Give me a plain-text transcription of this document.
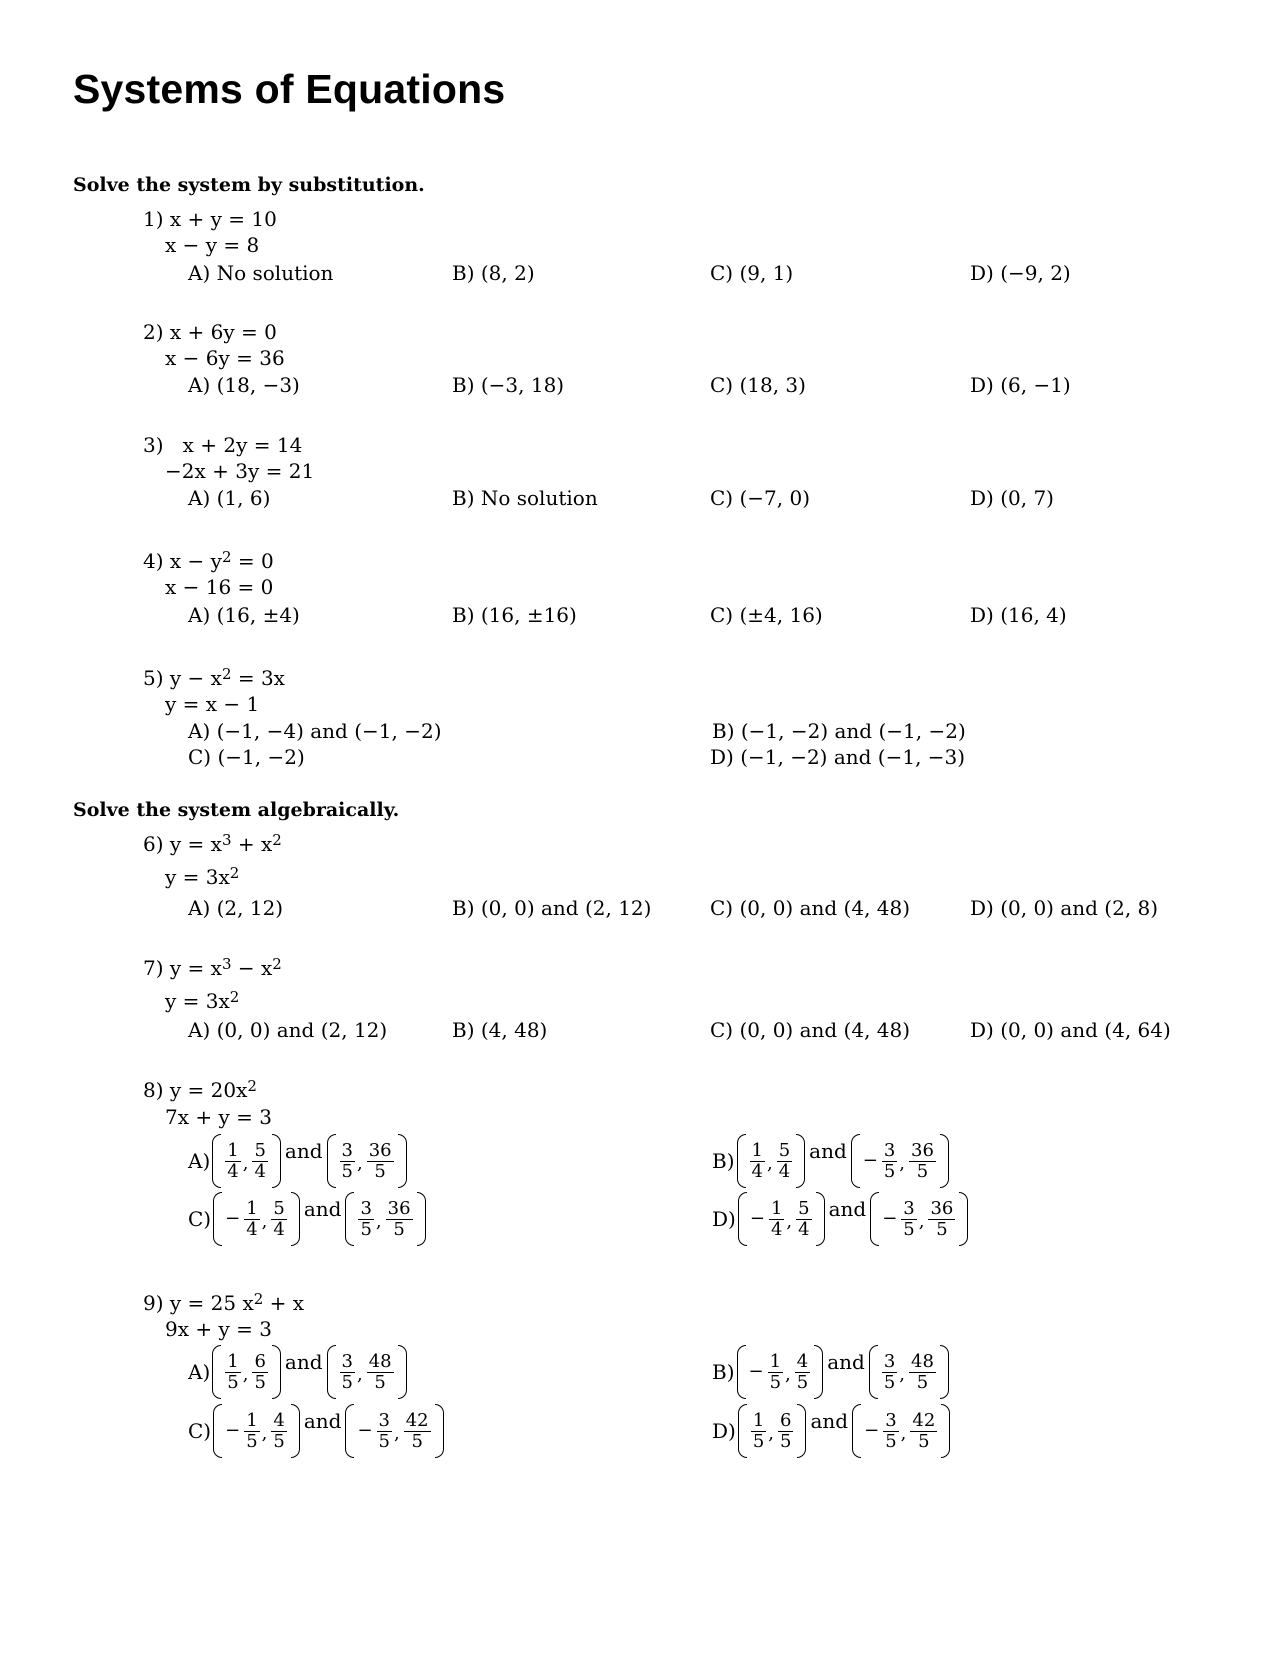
Systems of Equations
Solve the system by substitution.
1) x + y = 10
x − y = 8
A) No solution	B) (8, 2)	C) (9, 1)	D) (−9, 2)
2) x + 6y = 0
x − 6y = 36
A) (18, −3)	B) (−3, 18)	C) (18, 3)	D) (6, −1)
3)   x + 2y = 14
−2x + 3y = 21
A) (1, 6)	B) No solution	C) (−7, 0)	D) (0, 7)
4) $x - y^2 = 0$
x − 16 = 0
A) (16, ±4)	B) (16, ±16)	C) (±4, 16)	D) (16, 4)
5) $y - x^2 = 3x$
y = x − 1
A) (−1, −4) and (−1, −2)	B) (−1, −2) and (−1, −2)
C) (−1, −2)	D) (−1, −2) and (−1, −3)
Solve the system algebraically.
6) $y = x^3 + x^2$
$y = 3x^2$
A) (2, 12)	B) (0, 0) and (2, 12)	C) (0, 0) and (4, 48)	D) (0, 0) and (2, 8)
7) $y = x^3 - x^2$
$y = 3x^2$
A) (0, 0) and (2, 12)	B) (4, 48)	C) (0, 0) and (4, 48)	D) (0, 0) and (4, 64)
8) $y = 20x^2$
7x + y = 3
$A) \frac{1}{4}$ , $\frac{5}{4}$ and $\frac{3}{5}$ , $\frac{36}{5}$	$B) \frac{1}{4}$ , $\frac{5}{4}$ and − $\frac{3}{5}$ , $\frac{36}{5}$
$C) - \frac{1}{4}$ , $\frac{5}{4}$ and $\frac{3}{5}$ , $\frac{36}{5}$	$D) - \frac{1}{4}$ , $\frac{5}{4}$ and − $\frac{3}{5}$ , $\frac{36}{5}$
9) y = 25 $x^2 + x$
9x + y = 3
$A) \frac{1}{5}$ , $\frac{6}{5}$ and $\frac{3}{5}$ , $\frac{48}{5}$	$B) - \frac{1}{5}$ , $\frac{4}{5}$ and $\frac{3}{5}$ , $\frac{48}{5}$
$C) - \frac{1}{5}$ , $\frac{4}{5}$ and − $\frac{3}{5}$ , $\frac{42}{5}$	$D) \frac{1}{5}$ , $\frac{6}{5}$ and − $\frac{3}{5}$ , $\frac{42}{5}$
